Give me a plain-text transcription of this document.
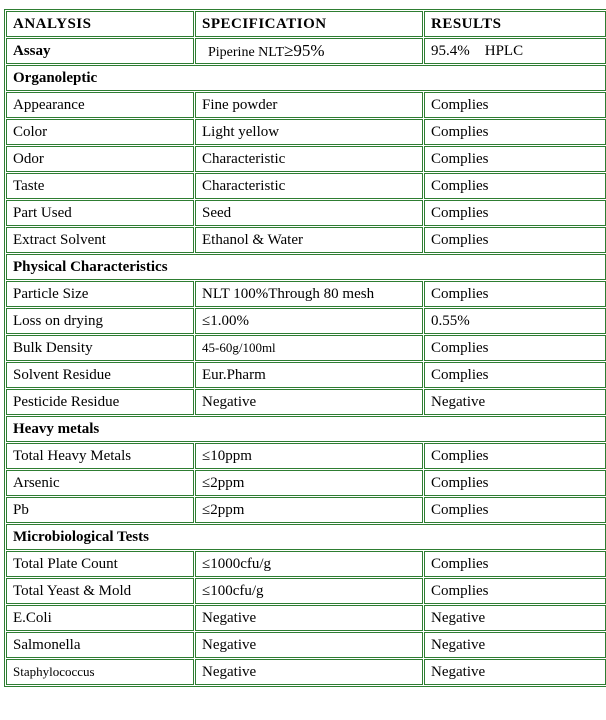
ANALYSIS	SPECIFICATION	RESULTS
Assay	Piperine NLT≥95%	95.4%    HPLC
Organoleptic		
Appearance	Fine powder	Complies
Color	Light yellow	Complies
Odor	Characteristic	Complies
Taste	Characteristic	Complies
Part Used	Seed	Complies
Extract Solvent	Ethanol & Water	Complies
Physical Characteristics		
Particle Size	NLT 100%Through 80 mesh	Complies
Loss on drying	≤1.00%	0.55%
Bulk Density	45-60g/100ml	Complies
Solvent Residue	Eur.Pharm	Complies
Pesticide Residue	Negative	Negative
Heavy metals		
Total Heavy Metals	≤10ppm	Complies
Arsenic	≤2ppm	Complies
Pb	≤2ppm	Complies
Microbiological Tests		
Total Plate Count	≤1000cfu/g	Complies
Total Yeast & Mold	≤100cfu/g	Complies
E.Coli	Negative	Negative
Salmonella	Negative	Negative
Staphylococcus	Negative	Negative
